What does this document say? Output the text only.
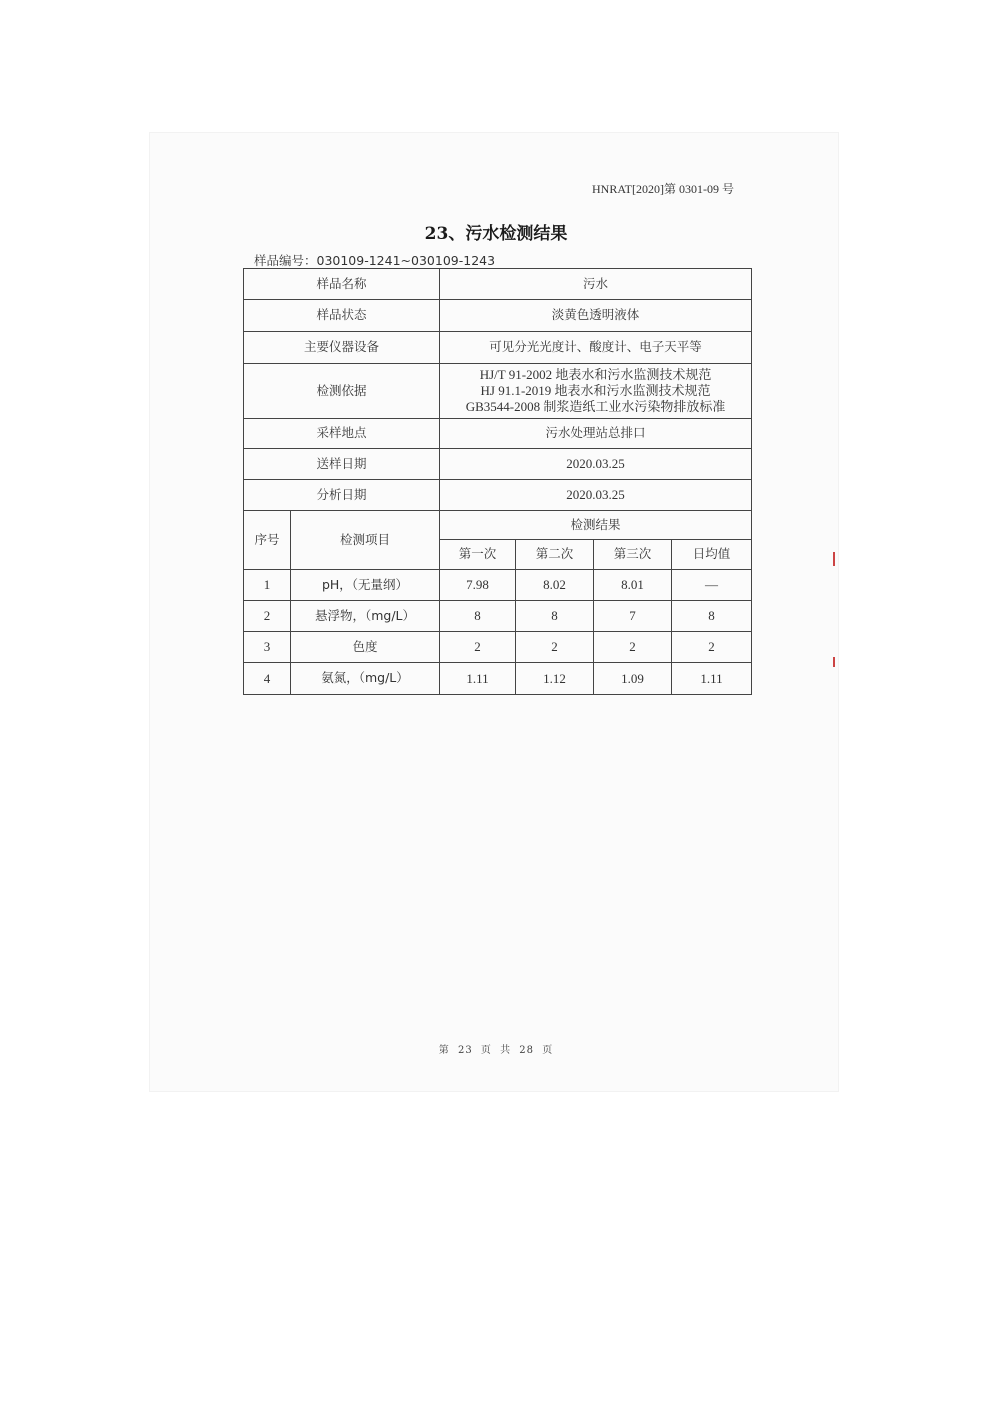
HNRAT[2020]第 0301-09 号
23、污水检测结果
样品编号：030109-1241~030109-1243
样品名称		污水			
样品状态		淡黄色透明液体			
主要仪器设备		可见分光光度计、酸度计、电子天平等			
检测依据		HJ/T 91-2002 地表水和污水监测技术规范
HJ 91.1-2019 地表水和污水监测技术规范
GB3544-2008 制浆造纸工业水污染物排放标准			

采样地点		污水处理站总排口			
送样日期		2020.03.25			
分析日期		2020.03.25			
序号	检测项目	检测结果			
		第一次	第二次	第三次	日均值
1	pH，（无量纲）	7.98	8.02	8.01	—
2	悬浮物，（mg/L）	8	8	7	8
3	色度	2	2	2	2
4	氨氮，（mg/L）	1.11	1.12	1.09	1.11
第 23 页 共 28 页
